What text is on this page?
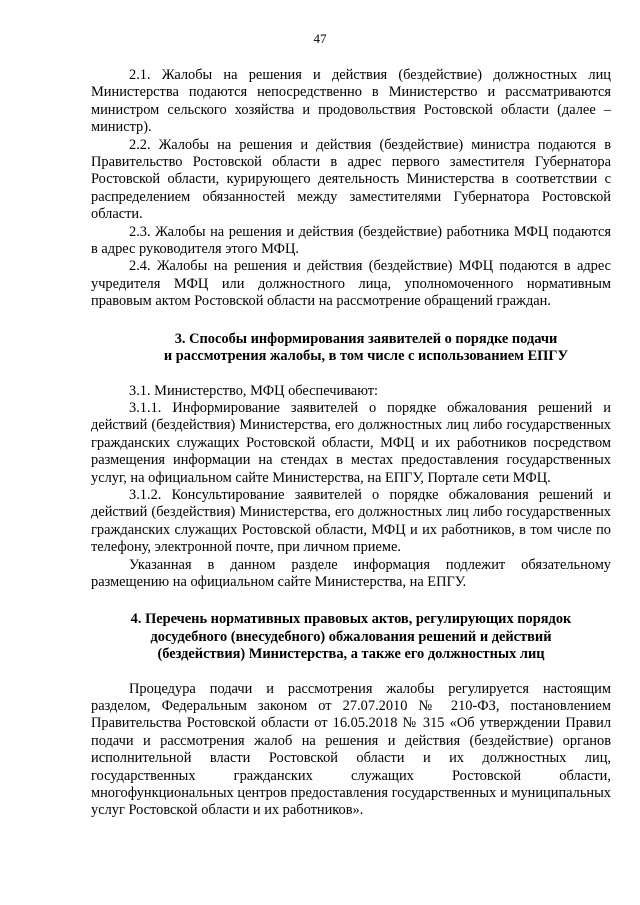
47

2.1. Жалобы на решения и действия (бездействие) должностных лиц Министерства подаются непосредственно в Министерство и рассматриваются министром сельского хозяйства и продовольствия Ростовской области (далее – министр).

2.2. Жалобы на решения и действия (бездействие) министра подаются в Правительство Ростовской области в адрес первого заместителя Губернатора Ростовской области, курирующего деятельность Министерства в соответствии с распределением обязанностей между заместителями Губернатора Ростовской области.

2.3. Жалобы на решения и действия (бездействие) работника МФЦ подаются в адрес руководителя этого МФЦ.

2.4. Жалобы на решения и действия (бездействие) МФЦ подаются в адрес учредителя МФЦ или должностного лица, уполномоченного нормативным правовым актом Ростовской области на рассмотрение обращений граждан.

3. Способы информирования заявителей о порядке подачи
и рассмотрения жалобы, в том числе с использованием ЕПГУ

3.1. Министерство, МФЦ обеспечивают:

3.1.1. Информирование заявителей о порядке обжалования решений и действий (бездействия) Министерства, его должностных лиц либо государственных гражданских служащих Ростовской области, МФЦ и их работников посредством размещения информации на стендах в местах предоставления государственных услуг, на официальном сайте Министерства, на ЕПГУ, Портале сети МФЦ.

3.1.2. Консультирование заявителей о порядке обжалования решений и действий (бездействия) Министерства, его должностных лиц либо государственных гражданских служащих Ростовской области, МФЦ и их работников, в том числе по телефону, электронной почте, при личном приеме.

Указанная в данном разделе информация подлежит обязательному размещению на официальном сайте Министерства, на ЕПГУ.

4. Перечень нормативных правовых актов, регулирующих порядок
досудебного (внесудебного) обжалования решений и действий
(бездействия) Министерства, а также его должностных лиц

Процедура подачи и рассмотрения жалобы регулируется настоящим разделом, Федеральным законом от 27.07.2010 № 210-ФЗ, постановлением Правительства Ростовской области от 16.05.2018 № 315 «Об утверждении Правил подачи и рассмотрения жалоб на решения и действия (бездействие) органов исполнительной власти Ростовской области и их должностных лиц, государственных гражданских служащих Ростовской области, многофункциональных центров предоставления государственных и муниципальных услуг Ростовской области и их работников».
